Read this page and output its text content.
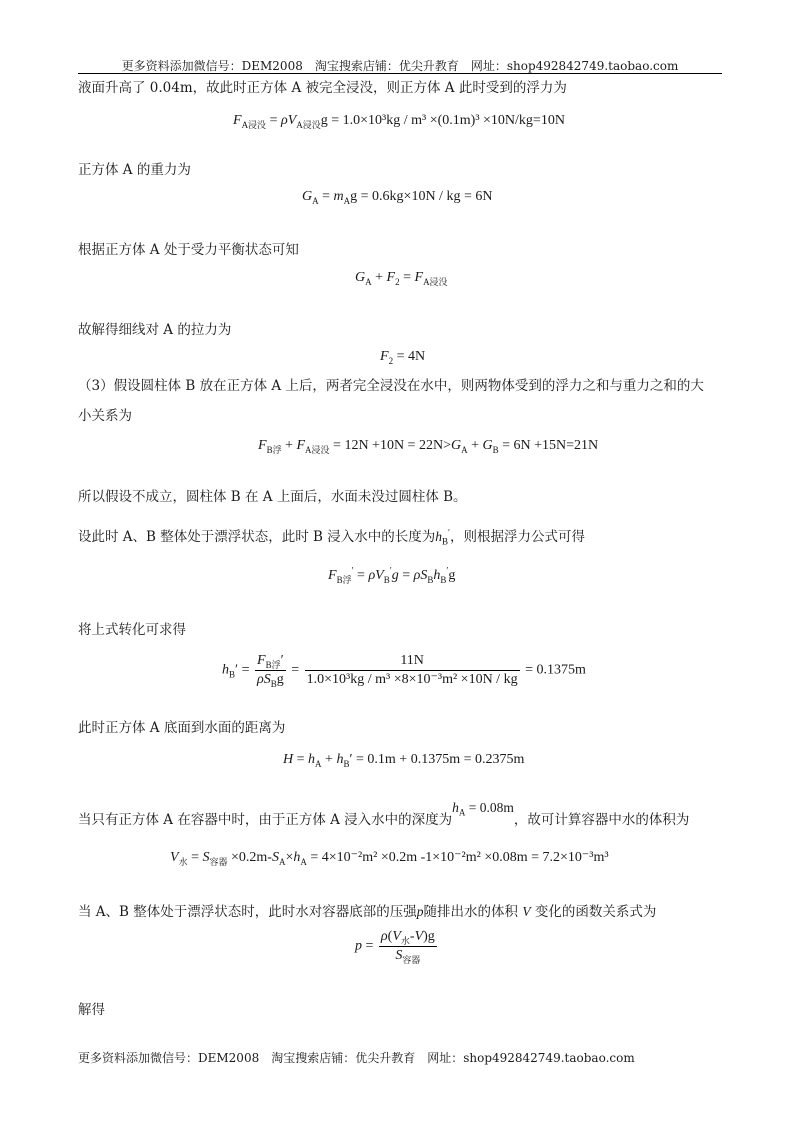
更多资料添加微信号：DEM2008　淘宝搜索店铺：优尖升教育　网址：shop492842749.taobao.com
液面升高了 0.04m，故此时正方体 A 被完全浸没，则正方体 A 此时受到的浮力为
$F_{A浸没} = \rho V_{A浸没}g = 1.0\times 10^3kg / m^3 \times(0.1m)^3 \times 10N/kg=10N$
正方体 A 的重力为
$G_A = m_Ag = 0.6kg\times 10N$ / kg = 6N
根据正方体 A 处于受力平衡状态可知
$G_A + F_2 = F_{A浸没}$
故解得细线对 A 的拉力为
$F_2 = 4N$
（3）假设圆柱体 B 放在正方体 A 上后，两者完全浸没在水中，则两物体受到的浮力之和与重力之和的大
小关系为
$F_{B浮} + F_{A浸没} = 12N +10N = 22N>G_A + G_B = 6N +15N=21N$
所以假设不成立，圆柱体 B 在 A 上面后，水面未没过圆柱体 B。
设此时 A、B 整体处于漂浮状态，此时 B 浸入水中的长度为$h_B'$，则根据浮力公式可得
$F_{B浮}' = \rho V_B'g = \rho S_Bh_B'g$
将上式转化可求得
$h_B' = \frac{F_{B浮}'}{\rho S_Bg} = \frac{11N}{\text{1.0×10³kg / m³ ×8×10⁻³m² ×10N / kg}} = 0.1375m$
此时正方体 A 底面到水面的距离为
$H = h_A + h_B' = 0.1m + 0.1375m = 0.2375m$
当只有正方体 A 在容器中时，由于正方体 A 浸入水中的深度为$h_A = 0.08m$，故可计算容器中水的体积为
$V_水 = S_{容器} \times 0.2m-S_A\times h_A = 4\times 10^{-2}m^2 \times 0.2m$ -1×10⁻²m² ×0.08m = 7.2×10⁻³m³
当 A、B 整体处于漂浮状态时，此时水对容器底部的压强p随排出水的体积 V 变化的函数关系式为
$p = \frac{\rho(V_水-V)g}{S_{容器}}$
解得
更多资料添加微信号：DEM2008　淘宝搜索店铺：优尖升教育　网址：shop492842749.taobao.com
